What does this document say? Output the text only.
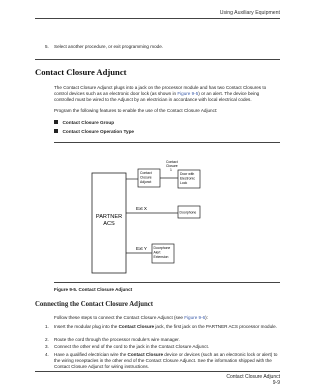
Using Auxiliary Equipment
5. Select another procedure, or exit programming mode.
Contact Closure Adjunct
The Contact Closure Adjunct plugs into a jack on the processor module and has two Contact Closures to control devices such as an electronic door lock (as shown in Figure 9-5) or an alert. The device being controlled must be wired to the Adjunct by an electrician in accordance with local electrical codes.
Program the following features to enable the use of the Contact Closure Adjunct:
Contact Closure Group
Contact Closure Operation Type
PARTNER
ACS
Contact
Closure
Adjunct
Contact
Closure
1
Door with
Electronic
Lock
Ext X
Doorphone
Ext Y Doorphone
Alert
Extension
Figure 9-5. Contact Closure Adjunct
Connecting the Contact Closure Adjunct
Follow these steps to connect the Contact Closure Adjunct (see Figure 9-6):
1. Insert the modular plug into the Contact Closure jack, the first jack on the PARTNER ACS processor module.
2. Route the cord through the processor module’s wire manager.
3. Connect the other end of the cord to the jack in the Contact Closure Adjunct.
4. Have a qualified electrician wire the Contact Closure device or devices (such as an electronic lock or alert) to the wiring receptacles in the other end of the Contact Closure Adjunct. See the information shipped with the Contact Closure Adjunct for wiring instructions.
Contact Closure Adjunct
9-9
